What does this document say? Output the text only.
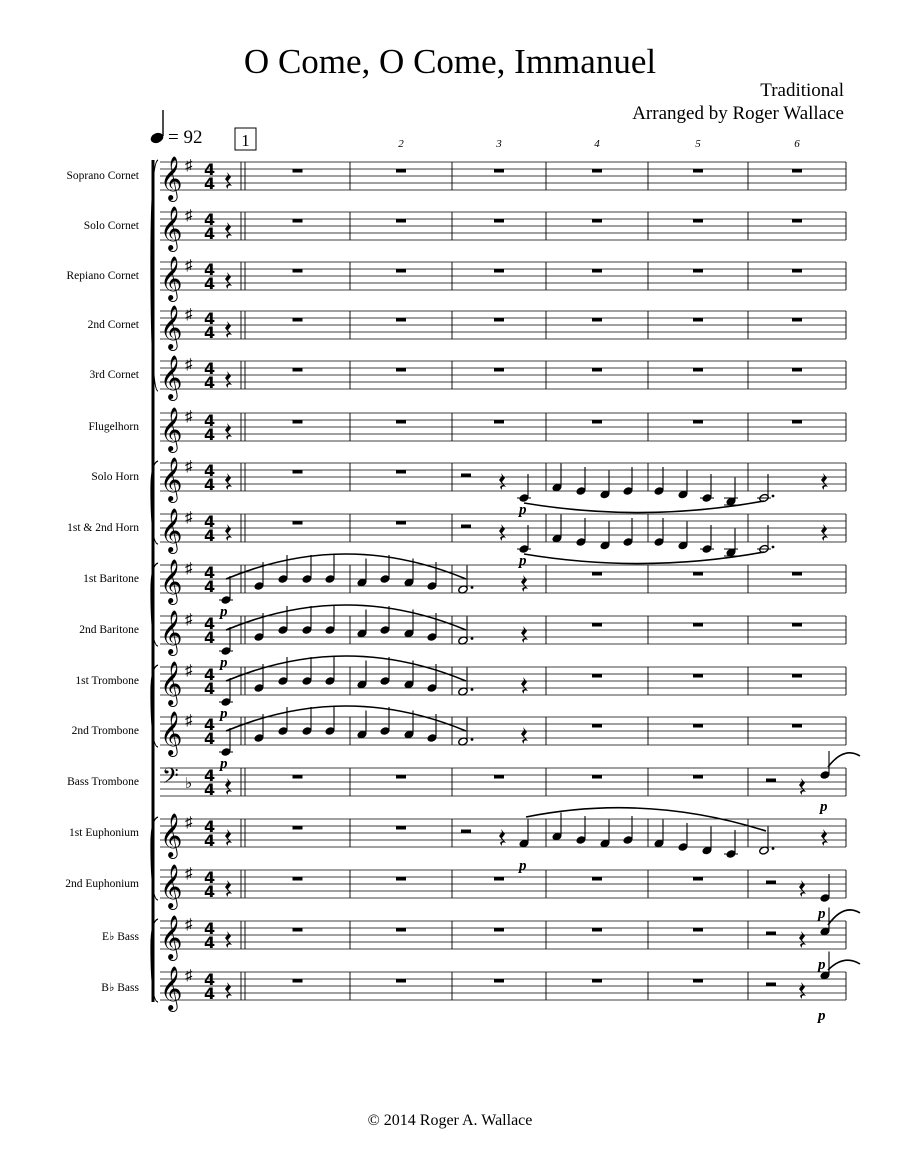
O Come, O Come, Immanuel
Traditional
Arranged by Roger Wallace
Soprano Cornet
Solo Cornet
Repiano Cornet
2nd Cornet
3rd Cornet
Flugelhorn
Solo Horn
1st & 2nd Horn
1st Baritone
2nd Baritone
1st Trombone
2nd Trombone
Bass Trombone
1st Euphonium
2nd Euphonium
E♭ Bass
B♭ Bass
= 92 1	2	3	4	5	6
𝄞 ♯ 4
4
𝄞 ♯ 4
4
𝄞 ♯ 4
4
𝄞 ♯ 4
4
𝄞 ♯ 4
4
𝄞 ♯ 4
4
𝄞 ♯ 4
4
𝄞 ♯ 4
4
𝄞 ♯ 4
4
𝄞 ♯ 4
4
𝄞 ♯ 4
4
𝄞 ♯ 4
4
𝄢 ♭ 4
4
𝄞 ♯ 4
4
𝄞 ♯ 4
4
𝄞 ♯ 4
4
𝄞 ♯ 4
4
p
p
p
p
p
p
p
p
p
p
p
© 2014 Roger A. Wallace
